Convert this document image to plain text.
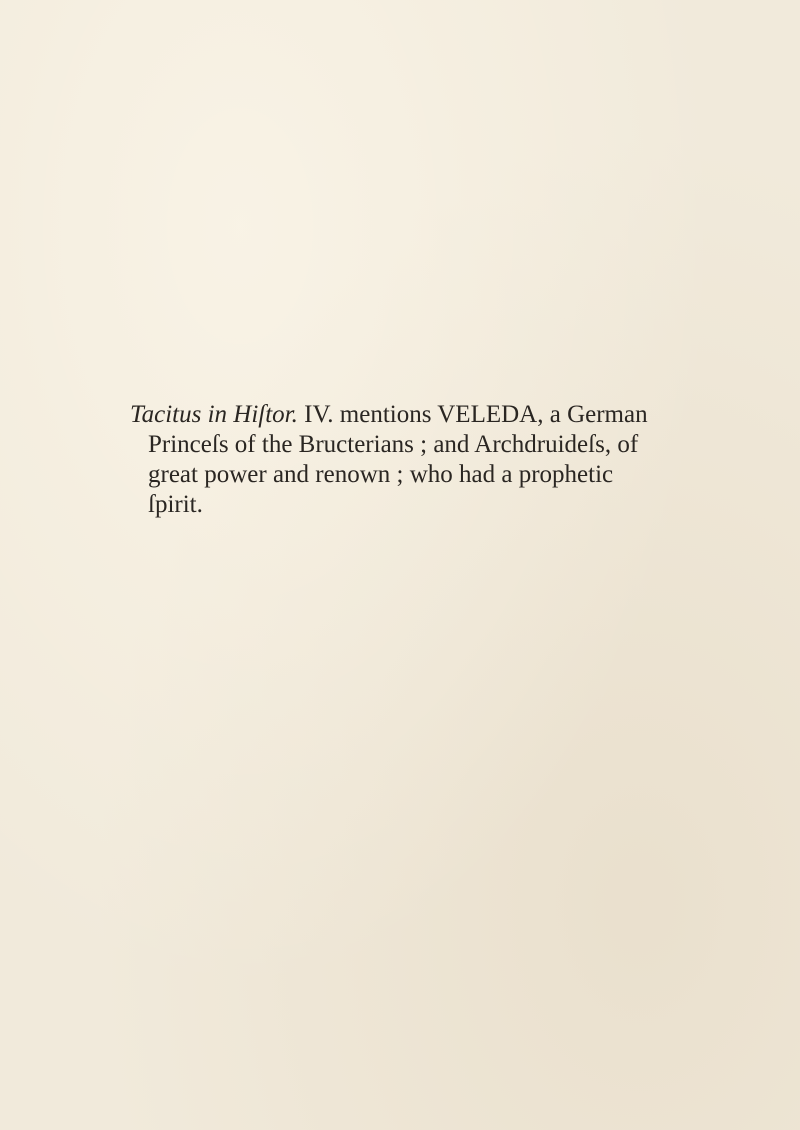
Tacitus in Hiſtor. IV. mentions VELEDA, a German
Princeſs of the Bructerians ; and Archdruideſs, of
great power and renown ; who had a prophetic
ſpirit.
